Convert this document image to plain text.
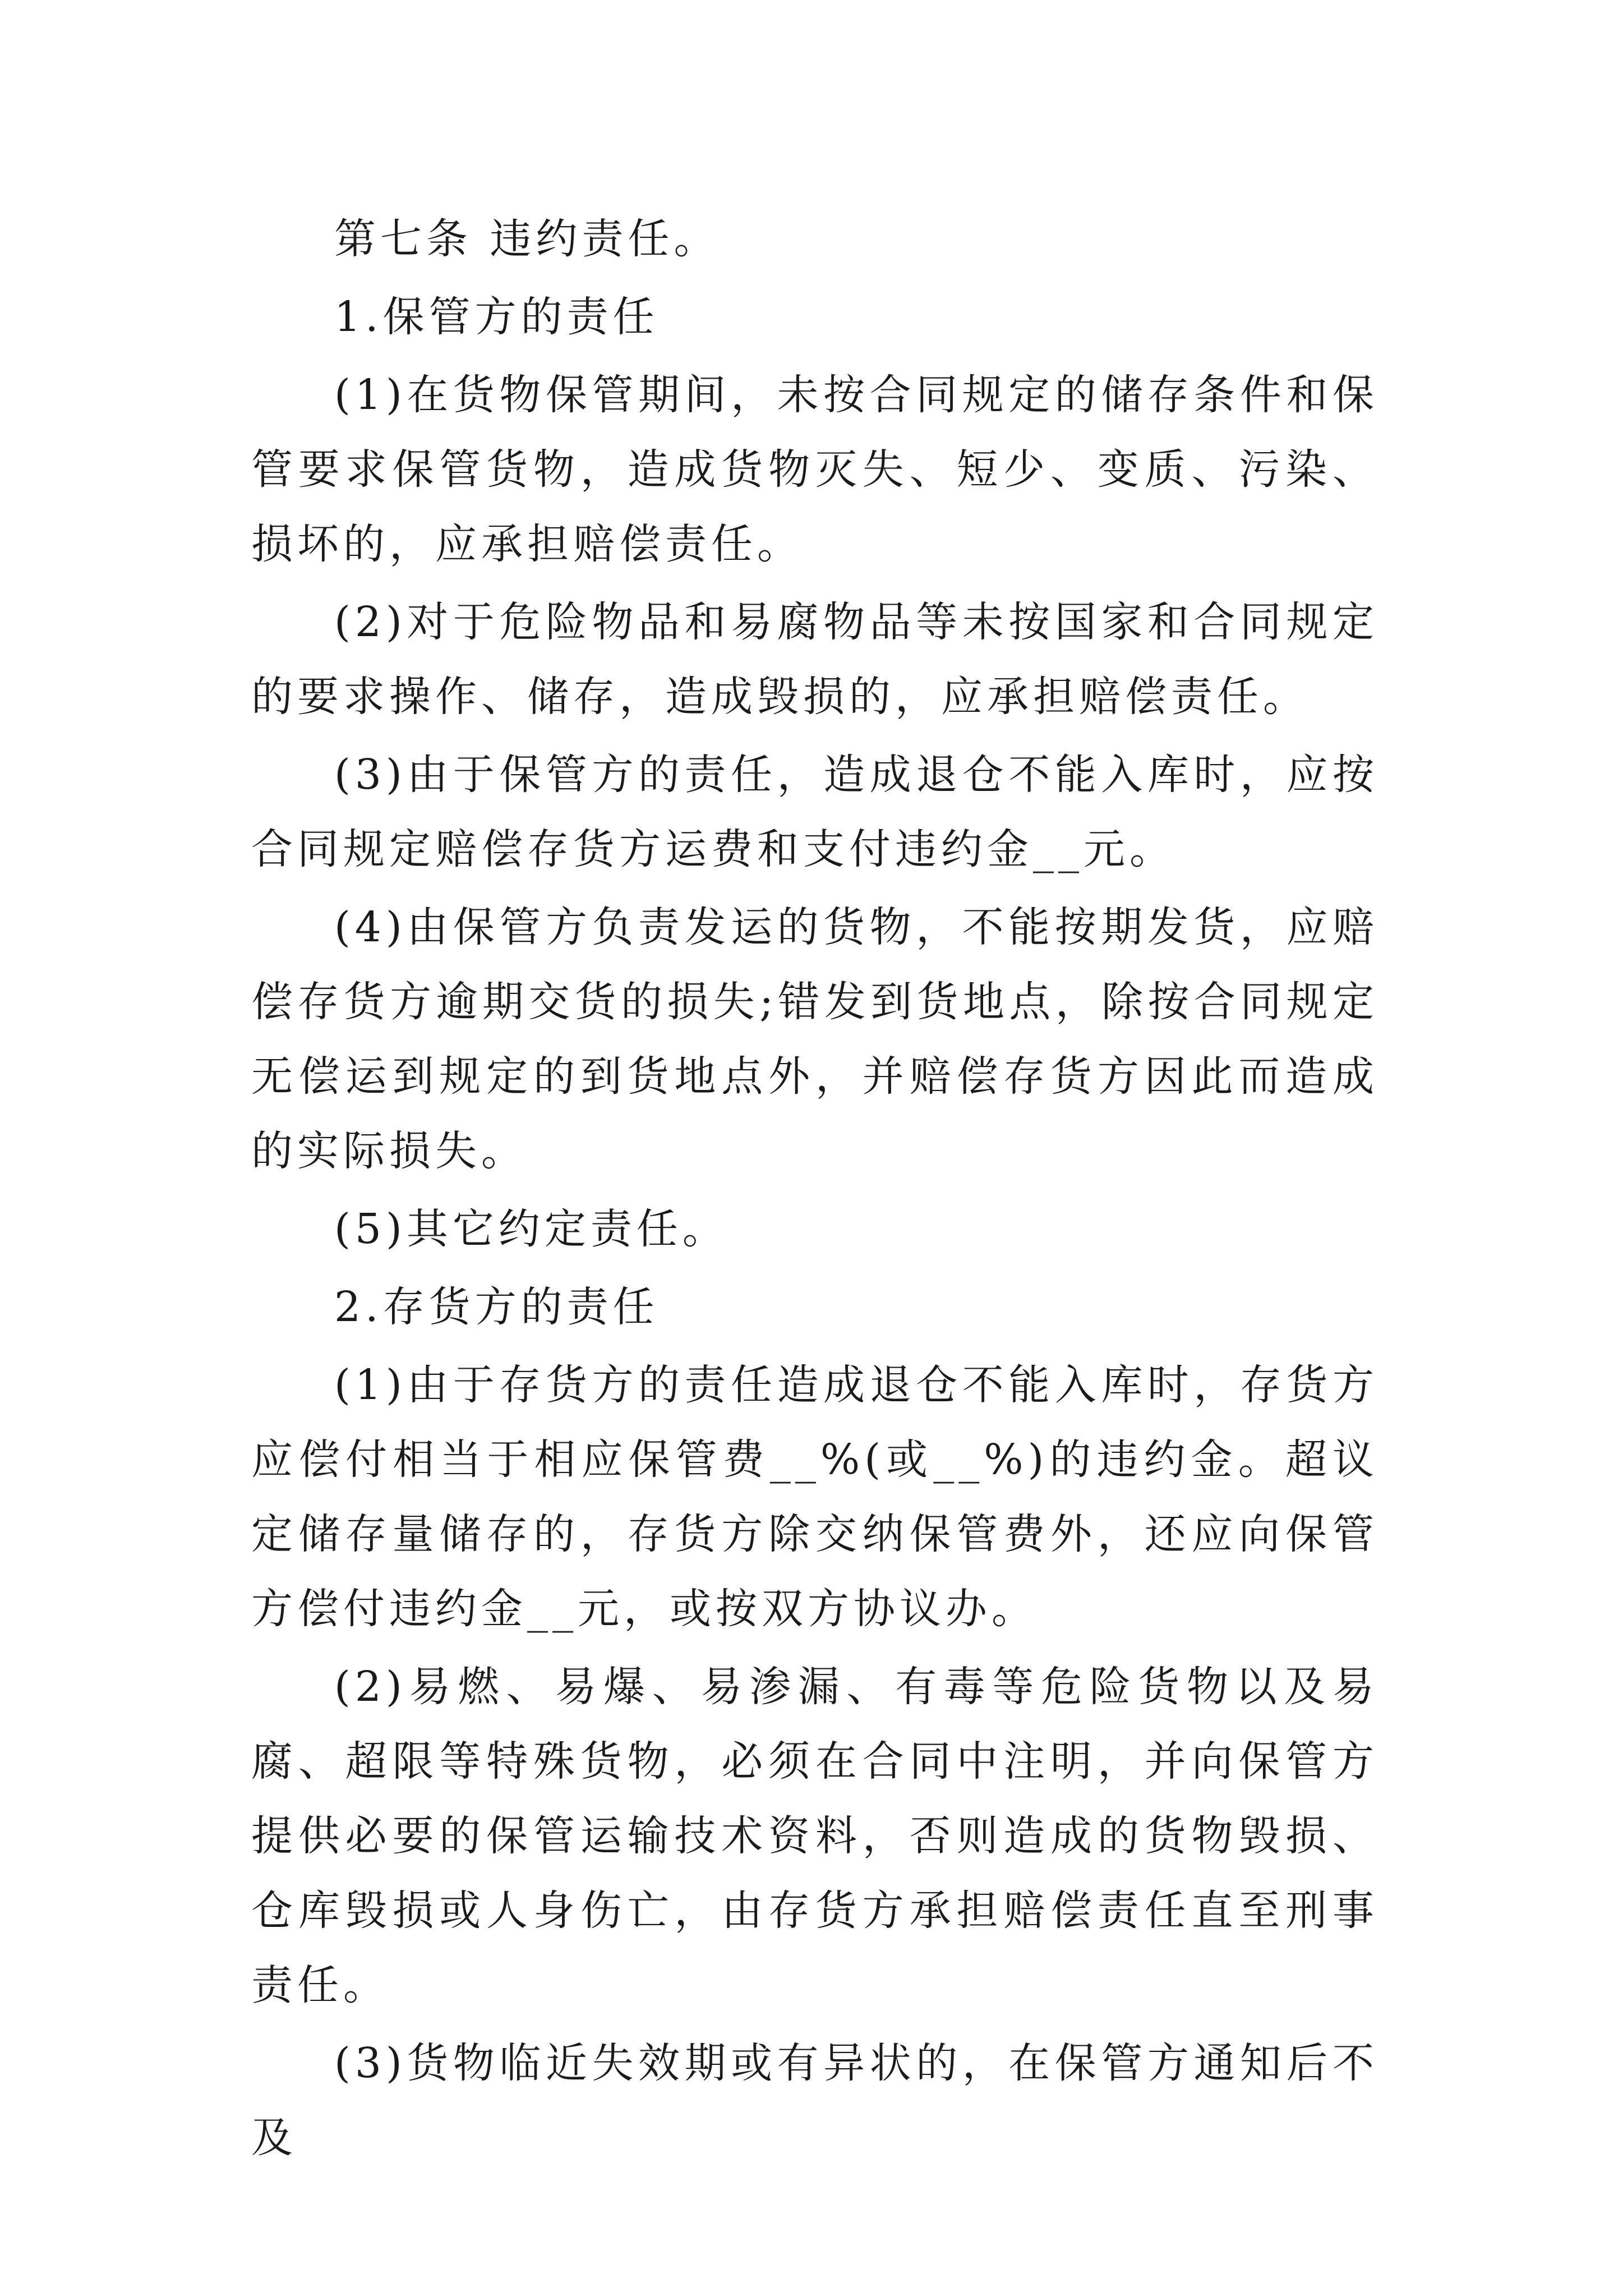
第七条 违约责任。

1.保管方的责任

(1)在货物保管期间，未按合同规定的储存条件和保管要求保管货物，造成货物灭失、短少、变质、污染、损坏的，应承担赔偿责任。

(2)对于危险物品和易腐物品等未按国家和合同规定的要求操作、储存，造成毁损的，应承担赔偿责任。

(3)由于保管方的责任，造成退仓不能入库时，应按合同规定赔偿存货方运费和支付违约金__元。

(4)由保管方负责发运的货物，不能按期发货，应赔偿存货方逾期交货的损失;错发到货地点，除按合同规定无偿运到规定的到货地点外，并赔偿存货方因此而造成的实际损失。

(5)其它约定责任。

2.存货方的责任

(1)由于存货方的责任造成退仓不能入库时，存货方应偿付相当于相应保管费__%(或__%)的违约金。超议定储存量储存的，存货方除交纳保管费外，还应向保管方偿付违约金__元，或按双方协议办。

(2)易燃、易爆、易渗漏、有毒等危险货物以及易腐、超限等特殊货物，必须在合同中注明，并向保管方提供必要的保管运输技术资料，否则造成的货物毁损、仓库毁损或人身伤亡，由存货方承担赔偿责任直至刑事责任。

(3)货物临近失效期或有异状的，在保管方通知后不及
